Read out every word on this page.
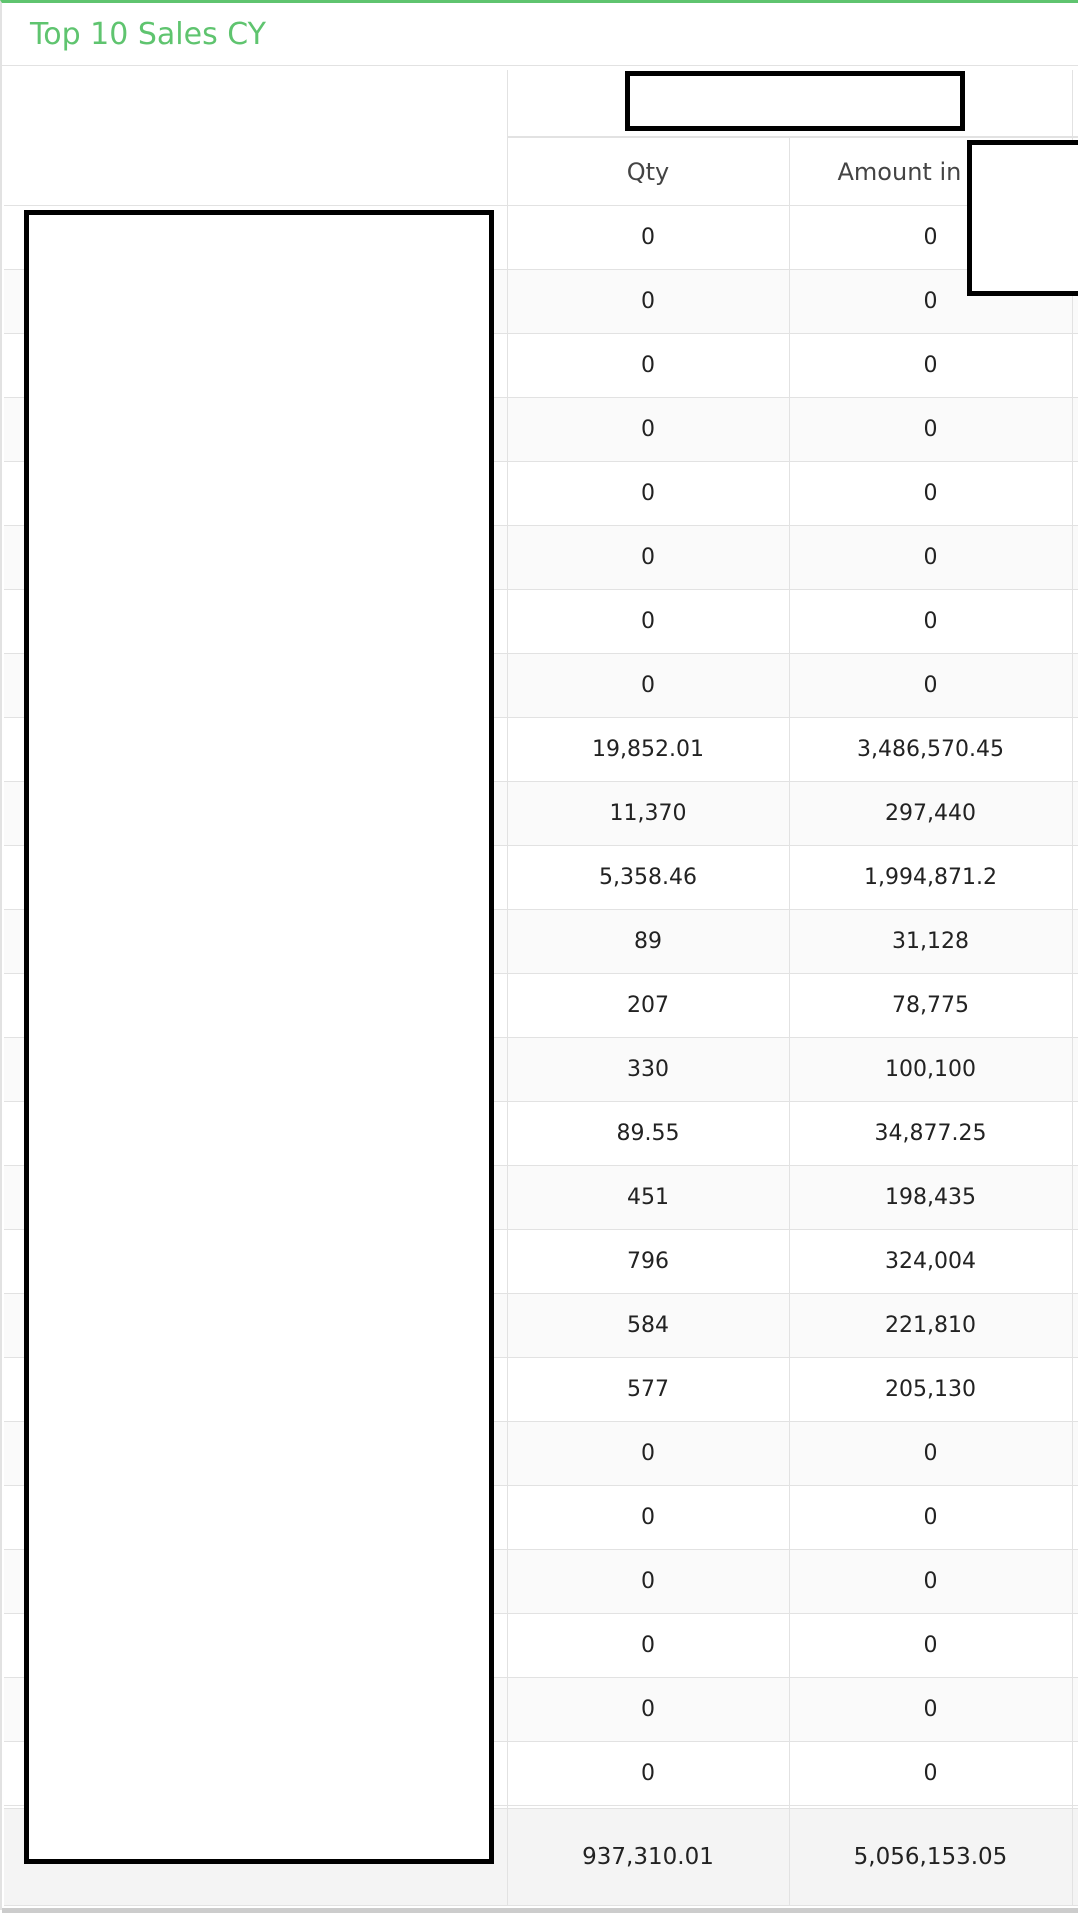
Top 10 Sales CY

	Qty	Amount in	
	0	0	
	0	0	
	0	0	
	0	0	
	0	0	
	0	0	
	0	0	
	0	0	
	19,852.01	3,486,570.45	
	11,370	297,440	
	5,358.46	1,994,871.2	
	89	31,128	
	207	78,775	
	330	100,100	
	89.55	34,877.25	
	451	198,435	
	796	324,004	
	584	221,810	
	577	205,130	
	0	0	
	0	0	
	0	0	
	0	0	
	0	0	
	0	0	

	937,310.01	5,056,153.05	
